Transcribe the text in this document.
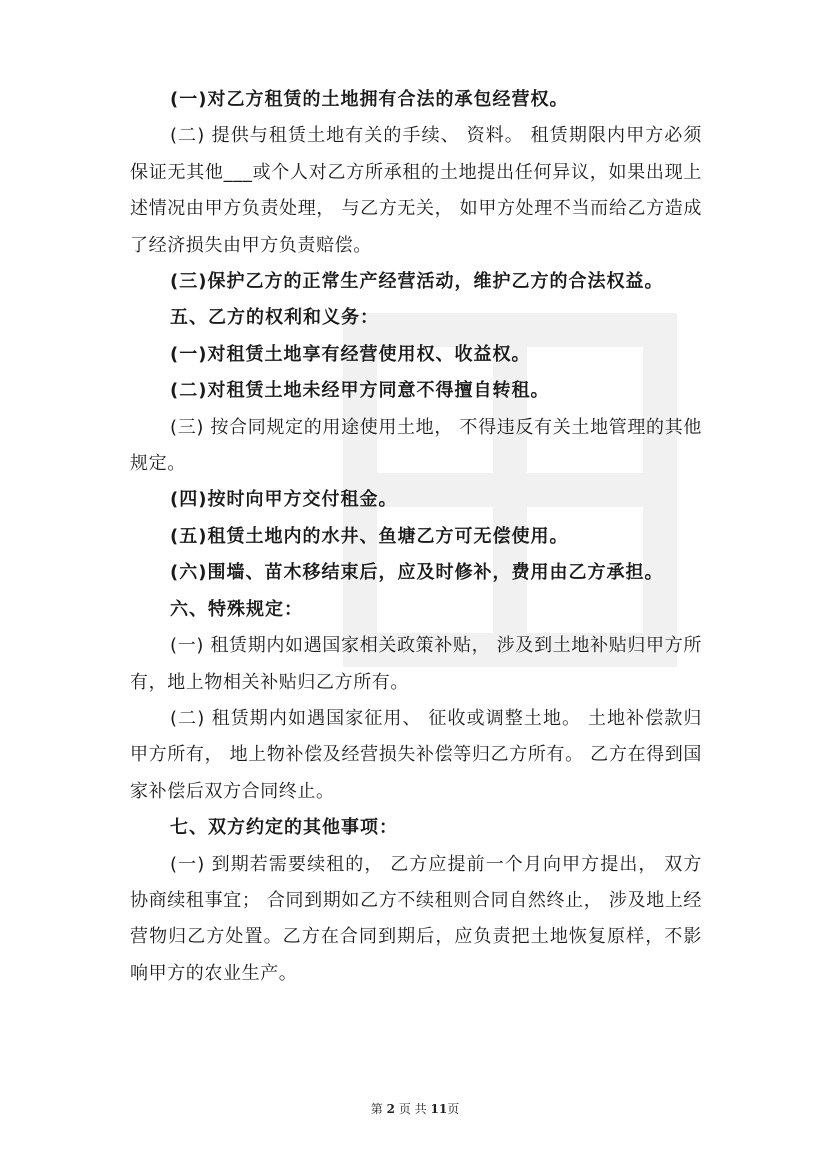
(一)对乙方租赁的土地拥有合法的承包经营权。

(二) 提供与租赁土地有关的手续、 资料。 租赁期限内甲方必须保证无其他___或个人对乙方所承租的土地提出任何异议，如果出现上述情况由甲方负责处理， 与乙方无关， 如甲方处理不当而给乙方造成了经济损失由甲方负责赔偿。

(三)保护乙方的正常生产经营活动，维护乙方的合法权益。

五、乙方的权利和义务：

(一)对租赁土地享有经营使用权、收益权。

(二)对租赁土地未经甲方同意不得擅自转租。

(三) 按合同规定的用途使用土地， 不得违反有关土地管理的其他规定。

(四)按时向甲方交付租金。

(五)租赁土地内的水井、鱼塘乙方可无偿使用。

(六)围墙、苗木移结束后，应及时修补，费用由乙方承担。

六、特殊规定：

(一) 租赁期内如遇国家相关政策补贴， 涉及到土地补贴归甲方所有，地上物相关补贴归乙方所有。

(二) 租赁期内如遇国家征用、 征收或调整土地。 土地补偿款归甲方所有， 地上物补偿及经营损失补偿等归乙方所有。 乙方在得到国家补偿后双方合同终止。

七、双方约定的其他事项：

(一) 到期若需要续租的， 乙方应提前一个月向甲方提出， 双方协商续租事宜； 合同到期如乙方不续租则合同自然终止， 涉及地上经营物归乙方处置。乙方在合同到期后，应负责把土地恢复原样，不影响甲方的农业生产。

第 2 页 共 11页
